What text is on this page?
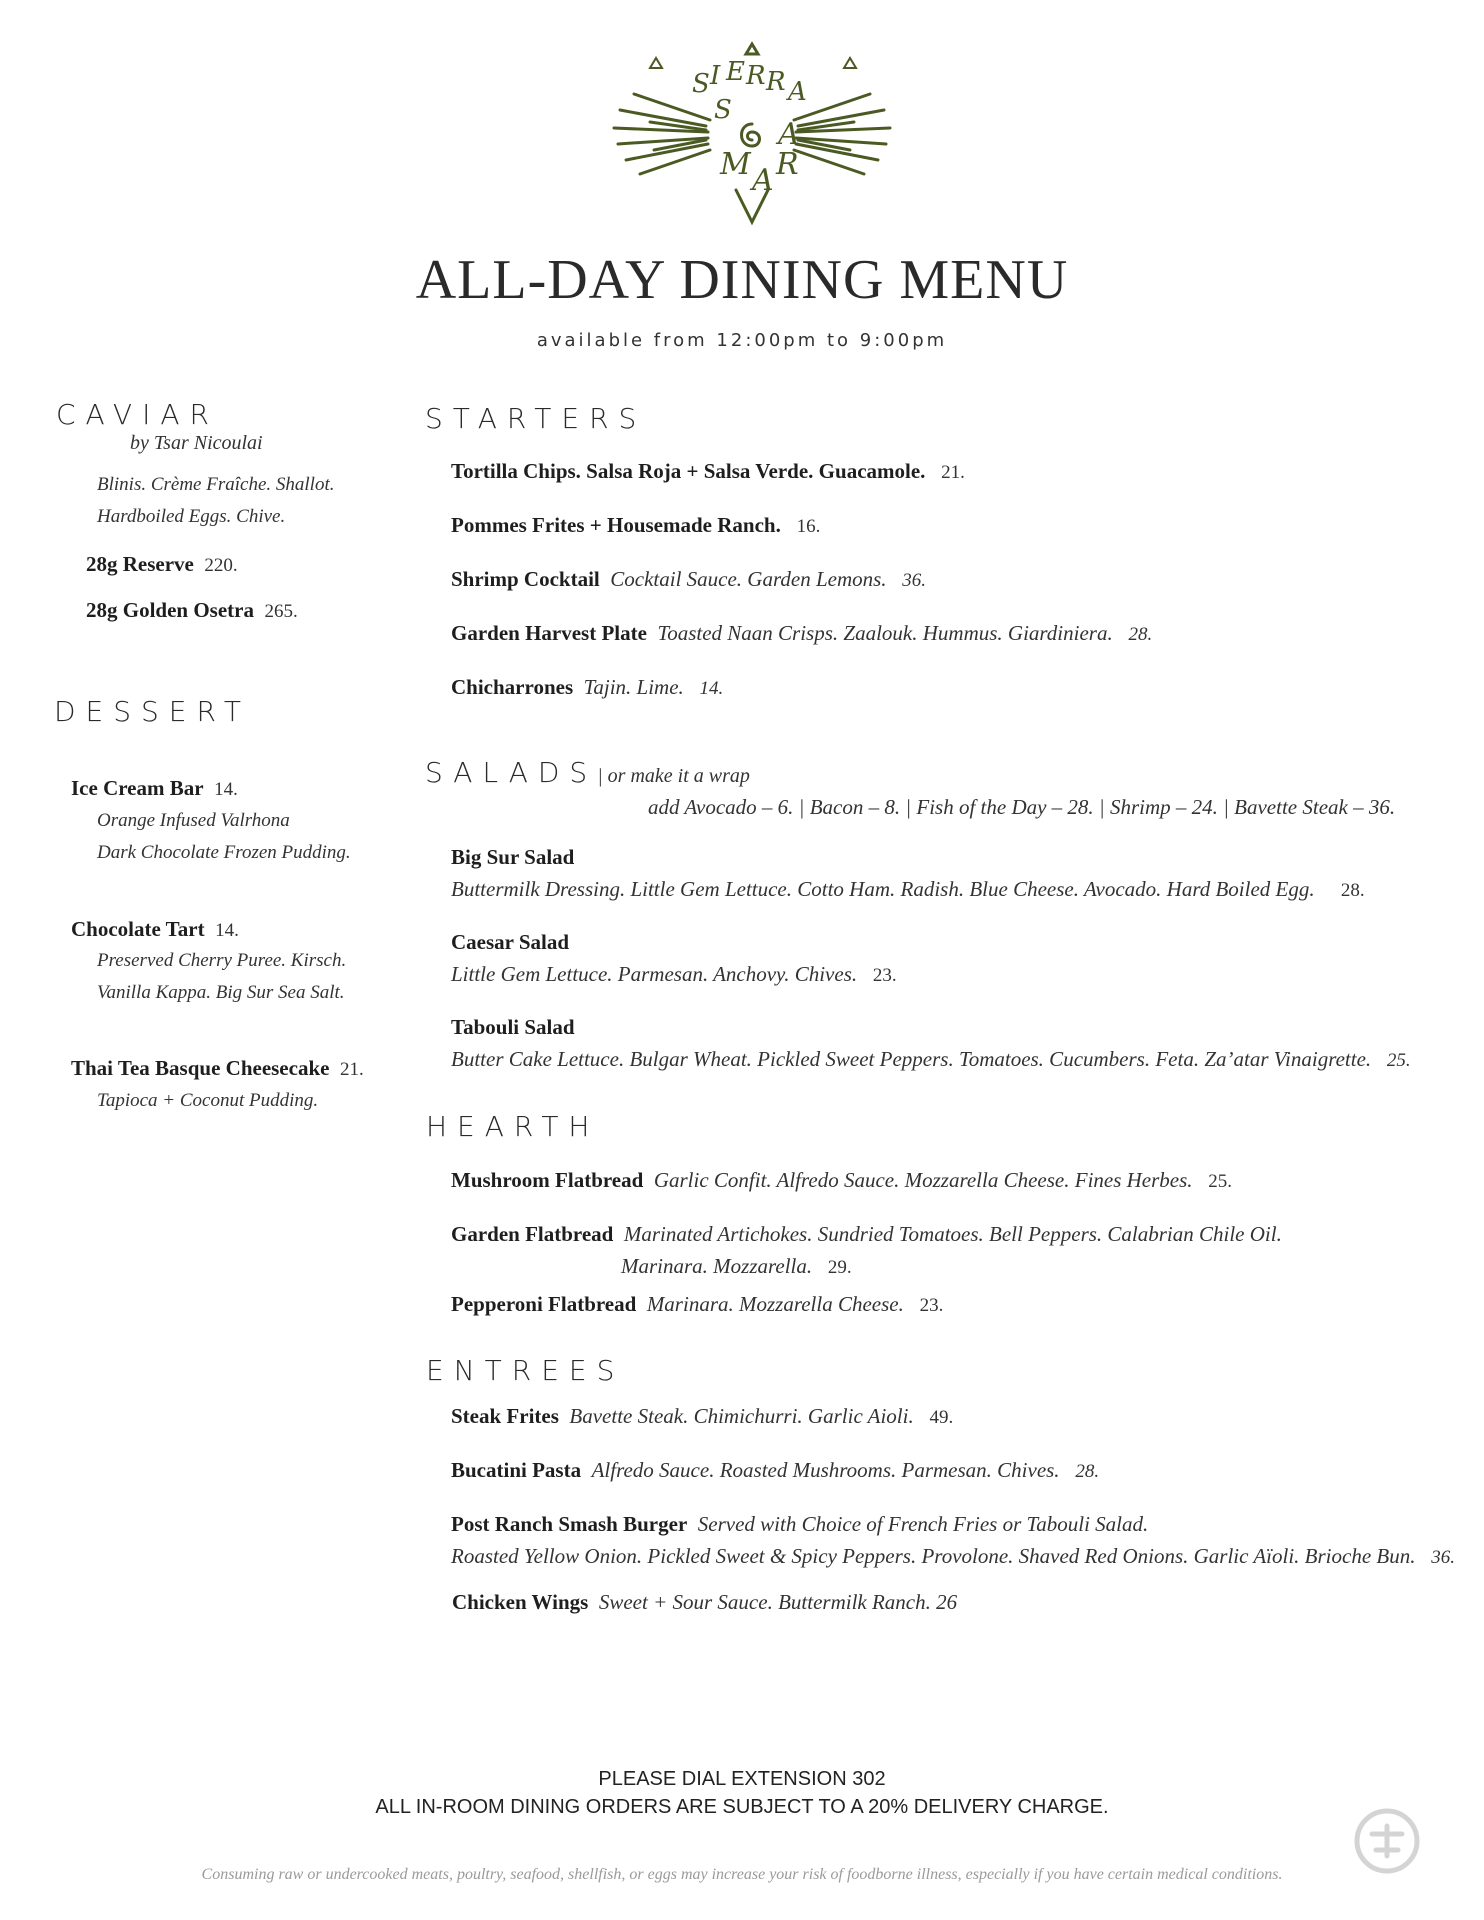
S I E R R A
S
M A R
A
ALL-DAY DINING MENU
available from 12:00pm to 9:00pm
CAVIAR
by Tsar Nicoulai
Blinis. Crème Fraîche. Shallot.
Hardboiled Eggs. Chive.
28g Reserve 220.
28g Golden Osetra 265.
DESSERT
Ice Cream Bar 14.
Orange Infused Valrhona
Dark Chocolate Frozen Pudding.
Chocolate Tart 14.
Preserved Cherry Puree. Kirsch.
Vanilla Kappa. Big Sur Sea Salt.
Thai Tea Basque Cheesecake 21.
Tapioca + Coconut Pudding.
STARTERS
Tortilla Chips. Salsa Roja + Salsa Verde. Guacamole. 21.
Pommes Frites + Housemade Ranch. 16.
Shrimp Cocktail Cocktail Sauce. Garden Lemons. 36.
Garden Harvest Plate Toasted Naan Crisps. Zaalouk. Hummus. Giardiniera. 28.
Chicharrones Tajin. Lime. 14.
SALADS| or make it a wrap
add Avocado – 6. | Bacon – 8. | Fish of the Day – 28. | Shrimp – 24. | Bavette Steak – 36.
Big Sur Salad
Buttermilk Dressing. Little Gem Lettuce. Cotto Ham. Radish. Blue Cheese. Avocado. Hard Boiled Egg. 28.
Caesar Salad
Little Gem Lettuce. Parmesan. Anchovy. Chives. 23.
Tabouli Salad
Butter Cake Lettuce. Bulgar Wheat. Pickled Sweet Peppers. Tomatoes. Cucumbers. Feta. Za’atar Vinaigrette. 25.
HEARTH
Mushroom Flatbread Garlic Confit. Alfredo Sauce. Mozzarella Cheese. Fines Herbes. 25.
Garden Flatbread Marinated Artichokes. Sundried Tomatoes. Bell Peppers. Calabrian Chile Oil.
Marinara. Mozzarella. 29.
Pepperoni Flatbread Marinara. Mozzarella Cheese. 23.
ENTREES
Steak Frites Bavette Steak. Chimichurri. Garlic Aioli. 49.
Bucatini Pasta Alfredo Sauce. Roasted Mushrooms. Parmesan. Chives. 28.
Post Ranch Smash Burger Served with Choice of French Fries or Tabouli Salad.
Roasted Yellow Onion. Pickled Sweet & Spicy Peppers. Provolone. Shaved Red Onions. Garlic Aïoli. Brioche Bun. 36.
Chicken Wings Sweet + Sour Sauce. Buttermilk Ranch. 26
PLEASE DIAL EXTENSION 302
ALL IN-ROOM DINING ORDERS ARE SUBJECT TO A 20% DELIVERY CHARGE.
Consuming raw or undercooked meats, poultry, seafood, shellfish, or eggs may increase your risk of foodborne illness, especially if you have certain medical conditions.
